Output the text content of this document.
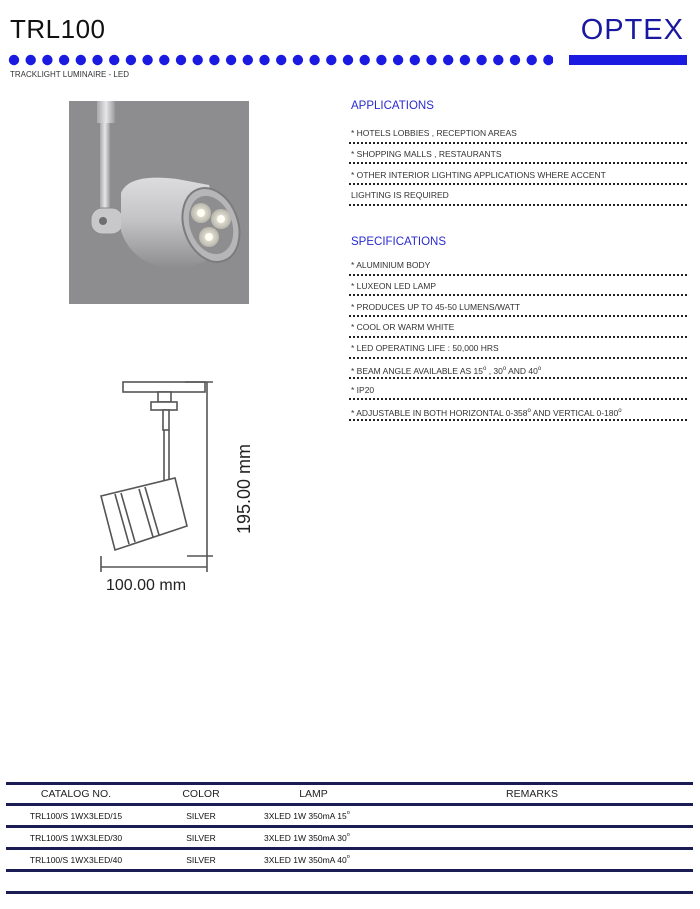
TRL100	OPTEX
TRACKLIGHT LUMINAIRE - LED
195.00 mm
100.00 mm
APPLICATIONS
* HOTELS LOBBIES , RECEPTION AREAS
* SHOPPING MALLS , RESTAURANTS
* OTHER INTERIOR LIGHTING APPLICATIONS WHERE ACCENT
LIGHTING IS REQUIRED
SPECIFICATIONS
* ALUMINIUM BODY
* LUXEON LED LAMP
* PRODUCES UP TO 45-50 LUMENS/WATT
* COOL OR WARM WHITE
* LED OPERATING LIFE : 50,000 HRS
* BEAM ANGLE AVAILABLE AS 15$^o$ , 30$^o$ AND 40$^o$
* IP20
* ADJUSTABLE IN BOTH HORIZONTAL 0-358$^o$ AND VERTICAL 0-180$^o$
CATALOG NO.	COLOR	LAMP	REMARKS
TRL100/S 1WX3LED/15	SILVER	3XLED 1W 350mA 15$^o$
TRL100/S 1WX3LED/30	SILVER	3XLED 1W 350mA 30$^o$
TRL100/S 1WX3LED/40	SILVER	3XLED 1W 350mA 40$^o$
